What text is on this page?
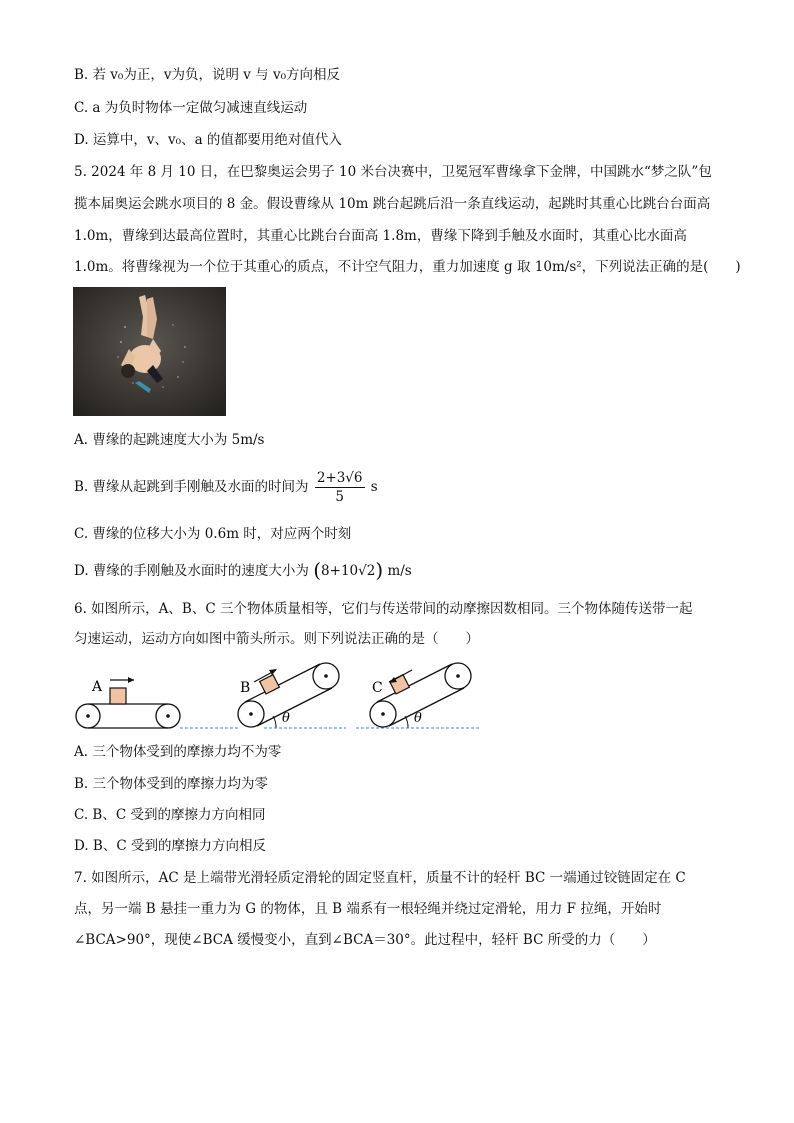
B. 若 v₀为正，v为负，说明 v 与 v₀方向相反
C. a 为负时物体一定做匀减速直线运动
D. 运算中，v、v₀、a 的值都要用绝对值代入
5. 2024 年 8 月 10 日，在巴黎奥运会男子 10 米台决赛中，卫冕冠军曹缘拿下金牌，中国跳水“梦之队”包
揽本届奥运会跳水项目的 8 金。假设曹缘从 10m 跳台起跳后沿一条直线运动，起跳时其重心比跳台台面高
1.0m，曹缘到达最高位置时，其重心比跳台台面高 1.8m，曹缘下降到手触及水面时，其重心比水面高
1.0m。将曹缘视为一个位于其重心的质点，不计空气阻力，重力加速度 g 取 10m/s²，下列说法正确的是(　　)
A. 曹缘的起跳速度大小为 5m/s
B. 曹缘从起跳到手刚触及水面的时间为 $\frac{2+3√6}{5}$ s
C. 曹缘的位移大小为 0.6m 时，对应两个时刻
D. 曹缘的手刚触及水面时的速度大小为 (8+10√2) m/s
6. 如图所示，A、B、C 三个物体质量相等，它们与传送带间的动摩擦因数相同。三个物体随传送带一起
匀速运动，运动方向如图中箭头所示。则下列说法正确的是（　　）
A	B
θ
C
θ
A. 三个物体受到的摩擦力均不为零
B. 三个物体受到的摩擦力均为零
C. B、C 受到的摩擦力方向相同
D. B、C 受到的摩擦力方向相反
7. 如图所示，AC 是上端带光滑轻质定滑轮的固定竖直杆，质量不计的轻杆 BC 一端通过铰链固定在 C
点，另一端 B 悬挂一重力为 G 的物体，且 B 端系有一根轻绳并绕过定滑轮，用力 F 拉绳，开始时
∠BCA>90°，现使∠BCA 缓慢变小，直到∠BCA＝30°。此过程中，轻杆 BC 所受的力（　　）
